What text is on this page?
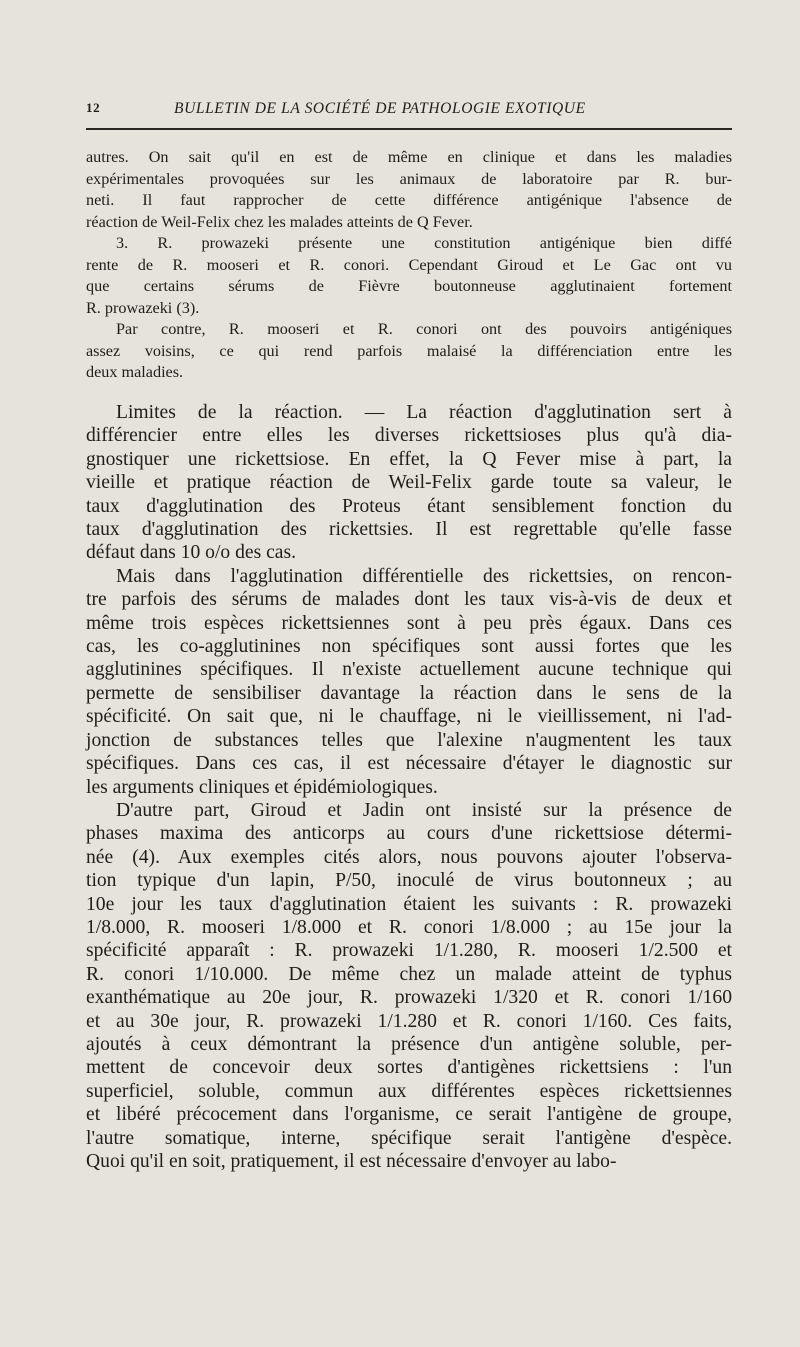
12	BULLETIN DE LA SOCIÉTÉ DE PATHOLOGIE EXOTIQUE
autres. On sait qu'il en est de même en clinique et dans les maladies
expérimentales provoquées sur les animaux de laboratoire par R. bur-
neti. Il faut rapprocher de cette différence antigénique l'absence de
réaction de Weil-Felix chez les malades atteints de Q Fever.
3. R. prowazeki présente une constitution antigénique bien diffé
rente de R. mooseri et R. conori. Cependant Giroud et Le Gac ont vu
que certains sérums de Fièvre boutonneuse agglutinaient fortement
R. prowazeki (3).
Par contre, R. mooseri et R. conori ont des pouvoirs antigéniques
assez voisins, ce qui rend parfois malaisé la différenciation entre les
deux maladies.
Limites de la réaction. — La réaction d'agglutination sert à
différencier entre elles les diverses rickettsioses plus qu'à dia-
gnostiquer une rickettsiose. En effet, la Q Fever mise à part, la
vieille et pratique réaction de Weil-Felix garde toute sa valeur, le
taux d'agglutination des Proteus étant sensiblement fonction du
taux d'agglutination des rickettsies. Il est regrettable qu'elle fasse
défaut dans 10 o/o des cas.
Mais dans l'agglutination différentielle des rickettsies, on rencon-
tre parfois des sérums de malades dont les taux vis-à-vis de deux et
même trois espèces rickettsiennes sont à peu près égaux. Dans ces
cas, les co-agglutinines non spécifiques sont aussi fortes que les
agglutinines spécifiques. Il n'existe actuellement aucune technique qui
permette de sensibiliser davantage la réaction dans le sens de la
spécificité. On sait que, ni le chauffage, ni le vieillissement, ni l'ad-
jonction de substances telles que l'alexine n'augmentent les taux
spécifiques. Dans ces cas, il est nécessaire d'étayer le diagnostic sur
les arguments cliniques et épidémiologiques.
D'autre part, Giroud et Jadin ont insisté sur la présence de
phases maxima des anticorps au cours d'une rickettsiose détermi-
née (4). Aux exemples cités alors, nous pouvons ajouter l'observa-
tion typique d'un lapin, P/50, inoculé de virus boutonneux ; au
10e jour les taux d'agglutination étaient les suivants : R. prowazeki
1/8.000, R. mooseri 1/8.000 et R. conori 1/8.000 ; au 15e jour la
spécificité apparaît : R. prowazeki 1/1.280, R. mooseri 1/2.500 et
R. conori 1/10.000. De même chez un malade atteint de typhus
exanthématique au 20e jour, R. prowazeki 1/320 et R. conori 1/160
et au 30e jour, R. prowazeki 1/1.280 et R. conori 1/160. Ces faits,
ajoutés à ceux démontrant la présence d'un antigène soluble, per-
mettent de concevoir deux sortes d'antigènes rickettsiens : l'un
superficiel, soluble, commun aux différentes espèces rickettsiennes
et libéré précocement dans l'organisme, ce serait l'antigène de groupe,
l'autre somatique, interne, spécifique serait l'antigène d'espèce.
Quoi qu'il en soit, pratiquement, il est nécessaire d'envoyer au labo-
